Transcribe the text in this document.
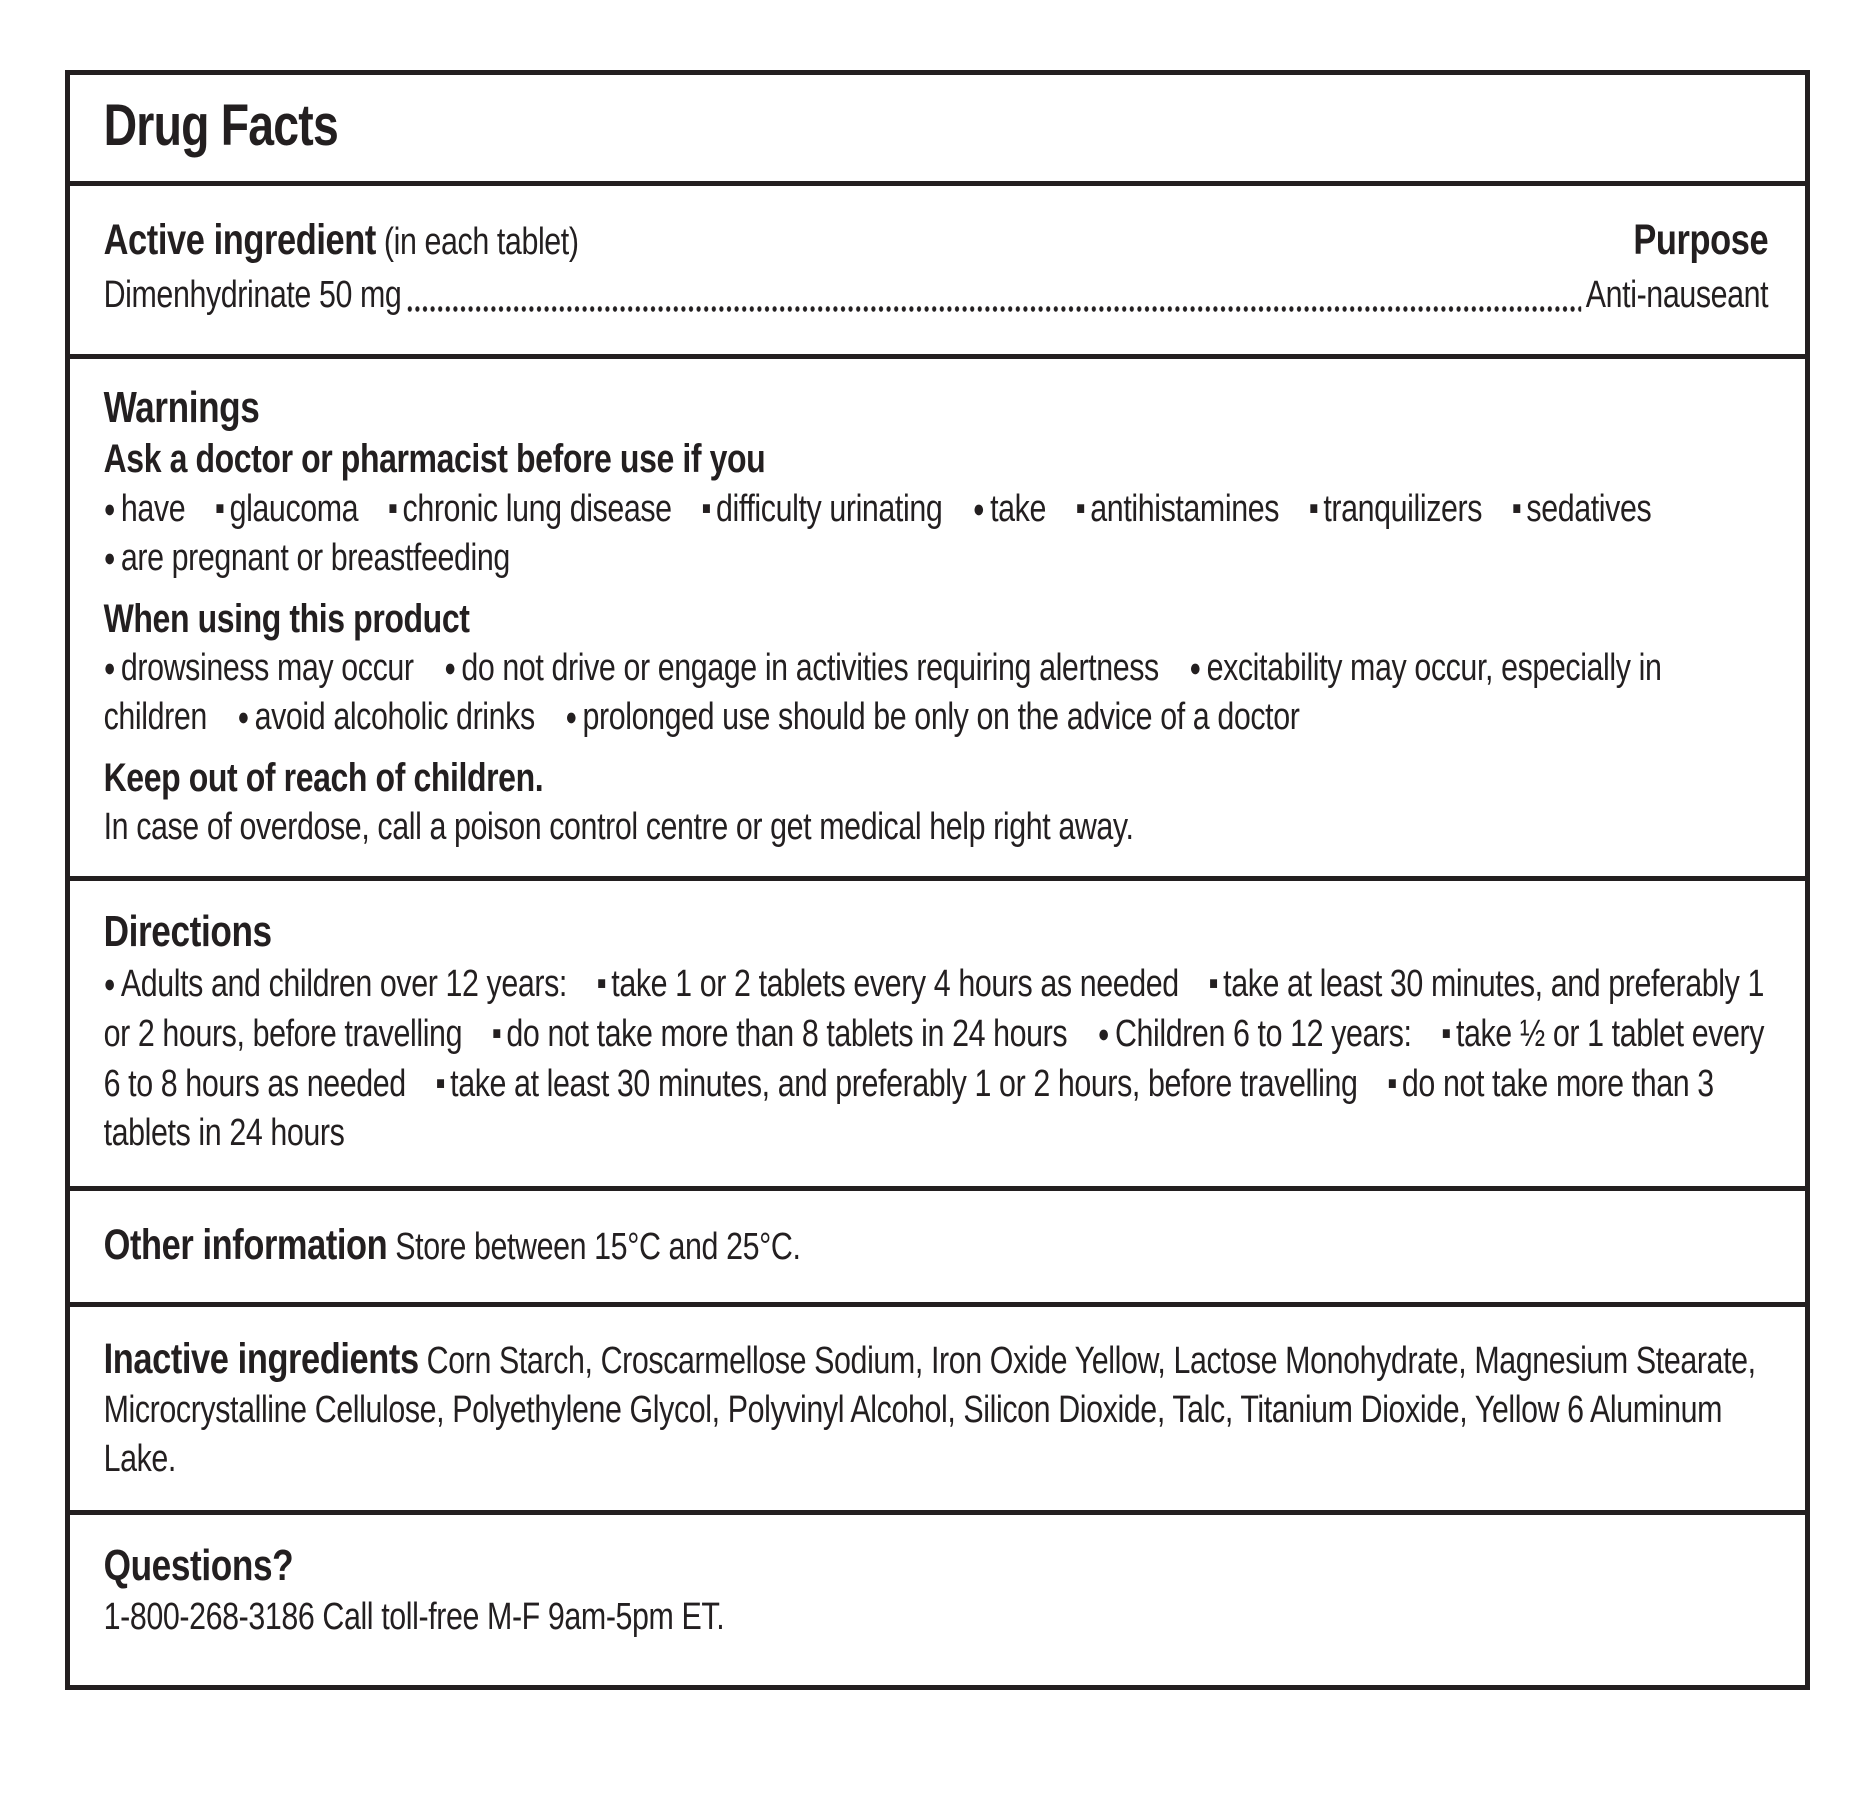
Drug Facts

Active ingredient (in each tablet)	Purpose

Dimenhydrinate 50 mg	Anti-nauseant
Warnings

Ask a doctor or pharmacist before use if you

● have ■ glaucoma ■ chronic lung disease ■ difficulty urinating ● take ■ antihistamines ■ tranquilizers ■ sedatives
● are pregnant or breastfeeding

When using this product

● drowsiness may occur ● do not drive or engage in activities requiring alertness ● excitability may occur, especially in children ● avoid alcoholic drinks ● prolonged use should be only on the advice of a doctor

Keep out of reach of children.

In case of overdose, call a poison control centre or get medical help right away.

Directions

● Adults and children over 12 years: ■ take 1 or 2 tablets every 4 hours as needed ■ take at least 30 minutes, and preferably 1 or 2 hours, before travelling ■ do not take more than 8 tablets in 24 hours ● Children 6 to 12 years: ■ take ½ or 1 tablet every 6 to 8 hours as needed ■ take at least 30 minutes, and preferably 1 or 2 hours, before travelling ■ do not take more than 3 tablets in 24 hours

Other information Store between 15°C and 25°C.

Inactive ingredients Corn Starch, Croscarmellose Sodium, Iron Oxide Yellow, Lactose Monohydrate, Magnesium Stearate, Microcrystalline Cellulose, Polyethylene Glycol, Polyvinyl Alcohol, Silicon Dioxide, Talc, Titanium Dioxide, Yellow 6 Aluminum Lake.

Questions?

1-800-268-3186 Call toll-free M-F 9am-5pm ET.
